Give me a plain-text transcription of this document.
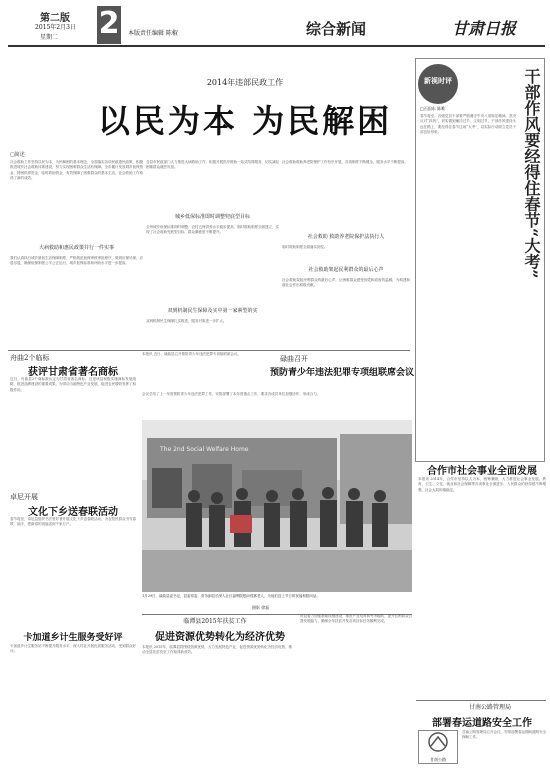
第二版
2015年2月3日
星期二 2 本版责任编辑 陈椒	综合新闻	甘肃日报
2014年违部民政工作
以民为本 为民解困
□简述
社会救助工作坚持以民为本、为民解困的基本理念，全面落实各项民政惠民政策，积极推进城乡社会救助体系建设，努力实现困难群众生活有保障。全年累计发放城乡低保资金、特困供养资金、临时救助资金，有效保障了困难群众的基本生活，社会救助工作取得了新的成效。
大病救助和惠民政策并行一件实事
我们认真执行城乡最低生活保障制度，严格规范低保审核审批程序，做到应保尽保、应退尽退，确保低保制度公平公正运行，城乡低保标准和补助水平进一步提高。
各县市民政部门大力推进大病救助工作，积极开展医疗救助一站式结算服务，切实减轻困难群众就医负担。
城乡低保标准即时调整兜底型目标
全州城乡低保标准即时调整，农村五保供养水平稳步提高，临时救助制度全面建立，实现了社会救助兜底型目标，群众满意度不断提升。
双到机制民生保障及实中第一家素型的实
双到机制民生保障扎实推进，服务对象进一步扩大。
社会救助救助养老院保护工作有序开展，各项制度不断健全，服务水平不断提高。
社会救助 救助养老院保护法执行人
临时救助制度全面落实到位。
社会救助架起民利群众的最后心声
社会救助架起民利群众的最后心声，让困难群众感受到党和政府的温暖，为构建和谐社会作出积极贡献。
新视时评
□石国东 陈唯	干部作风要经得住春节“大考”
春节将至，各级党员干部要严格遵守中央八项规定精神，坚决反对“四风”，切实做到廉洁过节、文明过节。干部作风建设永远在路上，要经得住春节这场“大考”，以实际行动树立党员干部良好形象。
舟曲2个临标
获评甘肃省著名商标
近日，舟曲县2个商标被认定为甘肃省著名商标，这是该县积极实施商标发展战略、推进品牌建设的重要成果，为带动当地特色产业发展、促进农民增收发挥了积极作用。
本报讯 近日，碌曲县召开预防青少年违法犯罪专项组联席会议。
碌曲召开
预防青少年违法犯罪专项组联席会议
会议总结了上一年度预防青少年违法犯罪工作，安排部署了本年度重点工作，要求各成员单位加强协作、形成合力。
合作市社会事业全面发展
本报讯 2014年，合作市坚持以人为本、统筹兼顾，大力推进社会事业发展。教育、卫生、文化、就业和社会保障等各项事业全面进步，人民群众的获得感不断增强，社会大局和谐稳定。
The 2nd Social Welfare Home
1月29日，碌曲县委书记，县委常委、常务副县长深入社区福利院慰问孤寡老人，为他们送上节日的祝福和慰问品。
摄影 徐磊
卓尼开展
文化下乡送春联活动
春节将至，卓尼县组织书法爱好者开展文化下乡送春联活动，为农牧民群众书写春联、福字，把新春的祝福送到千家万户。
卡加道乡计生服务受好评
卡加道乡计生服务站不断提升服务水平，深入村社开展优质服务活动，受到群众好评。
临潭县2015年扶贫工作
促进资源优势转化为经济优势
本报讯 2015年，临潭县将围绕资源优势，大力发展特色产业，促进资源优势转化为经济优势，推动全县扶贫攻坚工作取得新成效。
该县着力加强基础设施建设，推进产业培育和劳务输转，提升贫困群众自我发展能力，确保全年扶贫开发各项目标任务顺利完成。
甘南公路管理局
部署春运道路安全工作
甘南公路
甘南公路管理局召开会议，安排部署春运期间道路安全保畅工作。
